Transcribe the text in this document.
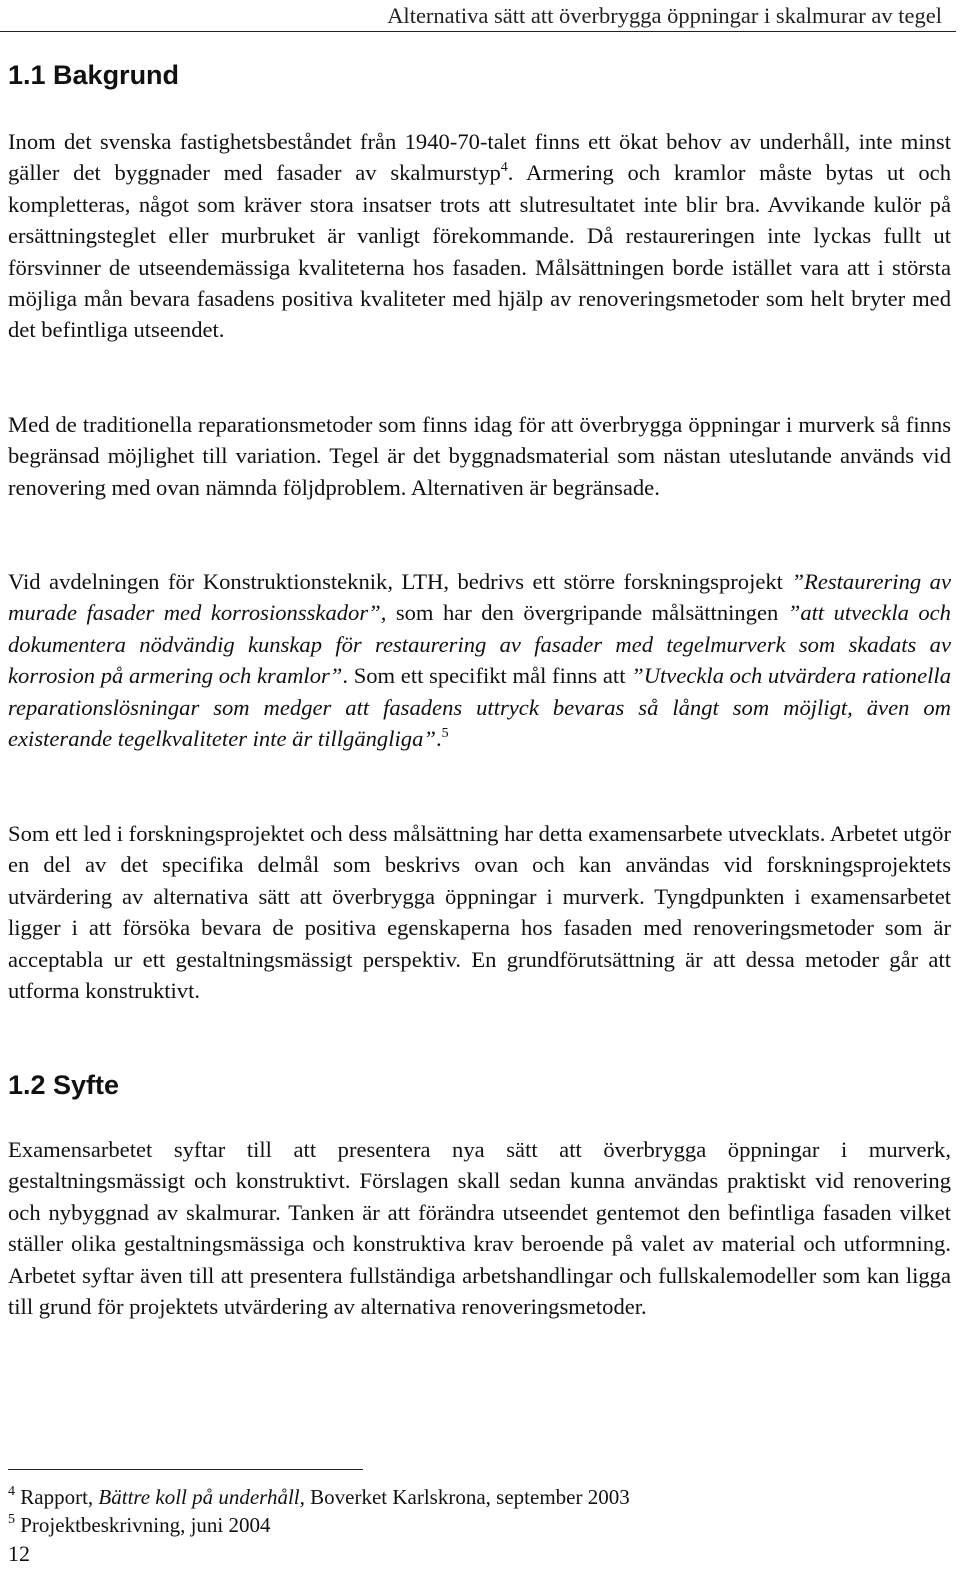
Alternativa sätt att överbrygga öppningar i skalmurar av tegel
1.1 Bakgrund

Inom det svenska fastighetsbeståndet från 1940-70-talet finns ett ökat behov av underhåll, inte minst gäller det byggnader med fasader av skalmurstyp$^4$. Armering och kramlor måste bytas ut och kompletteras, något som kräver stora insatser trots att slutresultatet inte blir bra. Avvikande kulör på ersättningsteglet eller murbruket är vanligt förekommande. Då restaureringen inte lyckas fullt ut försvinner de utseendemässiga kvaliteterna hos fasaden. Målsättningen borde istället vara att i största möjliga mån bevara fasadens positiva kvaliteter med hjälp av renoveringsmetoder som helt bryter med det befintliga utseendet.

Med de traditionella reparationsmetoder som finns idag för att överbrygga öppningar i murverk så finns begränsad möjlighet till variation. Tegel är det byggnadsmaterial som nästan uteslutande används vid renovering med ovan nämnda följdproblem. Alternativen är begränsade.

Vid avdelningen för Konstruktionsteknik, LTH, bedrivs ett större forskningsprojekt ”Restaurering av murade fasader med korrosionsskador”, som har den övergripande målsättningen ”att utveckla och dokumentera nödvändig kunskap för restaurering av fasader med tegelmurverk som skadats av korrosion på armering och kramlor”. Som ett specifikt mål finns att ”Utveckla och utvärdera rationella reparationslösningar som medger att fasadens uttryck bevaras så långt som möjligt, även om existerande tegelkvaliteter inte är tillgängliga”.$^5$

Som ett led i forskningsprojektet och dess målsättning har detta examensarbete utvecklats. Arbetet utgör en del av det specifika delmål som beskrivs ovan och kan användas vid forskningsprojektets utvärdering av alternativa sätt att överbrygga öppningar i murverk. Tyngdpunkten i examensarbetet ligger i att försöka bevara de positiva egenskaperna hos fasaden med renoveringsmetoder som är acceptabla ur ett gestaltningsmässigt perspektiv. En grundförutsättning är att dessa metoder går att utforma konstruktivt.

1.2 Syfte

Examensarbetet syftar till att presentera nya sätt att överbrygga öppningar i murverk, gestaltningsmässigt och konstruktivt. Förslagen skall sedan kunna användas praktiskt vid renovering och nybyggnad av skalmurar. Tanken är att förändra utseendet gentemot den befintliga fasaden vilket ställer olika gestaltningsmässiga och konstruktiva krav beroende på valet av material och utformning. Arbetet syftar även till att presentera fullständiga arbetshandlingar och fullskalemodeller som kan ligga till grund för projektets utvärdering av alternativa renoveringsmetoder.

$^4$ Rapport, Bättre koll på underhåll, Boverket Karlskrona, september 2003

$^5$ Projektbeskrivning, juni 2004

12
